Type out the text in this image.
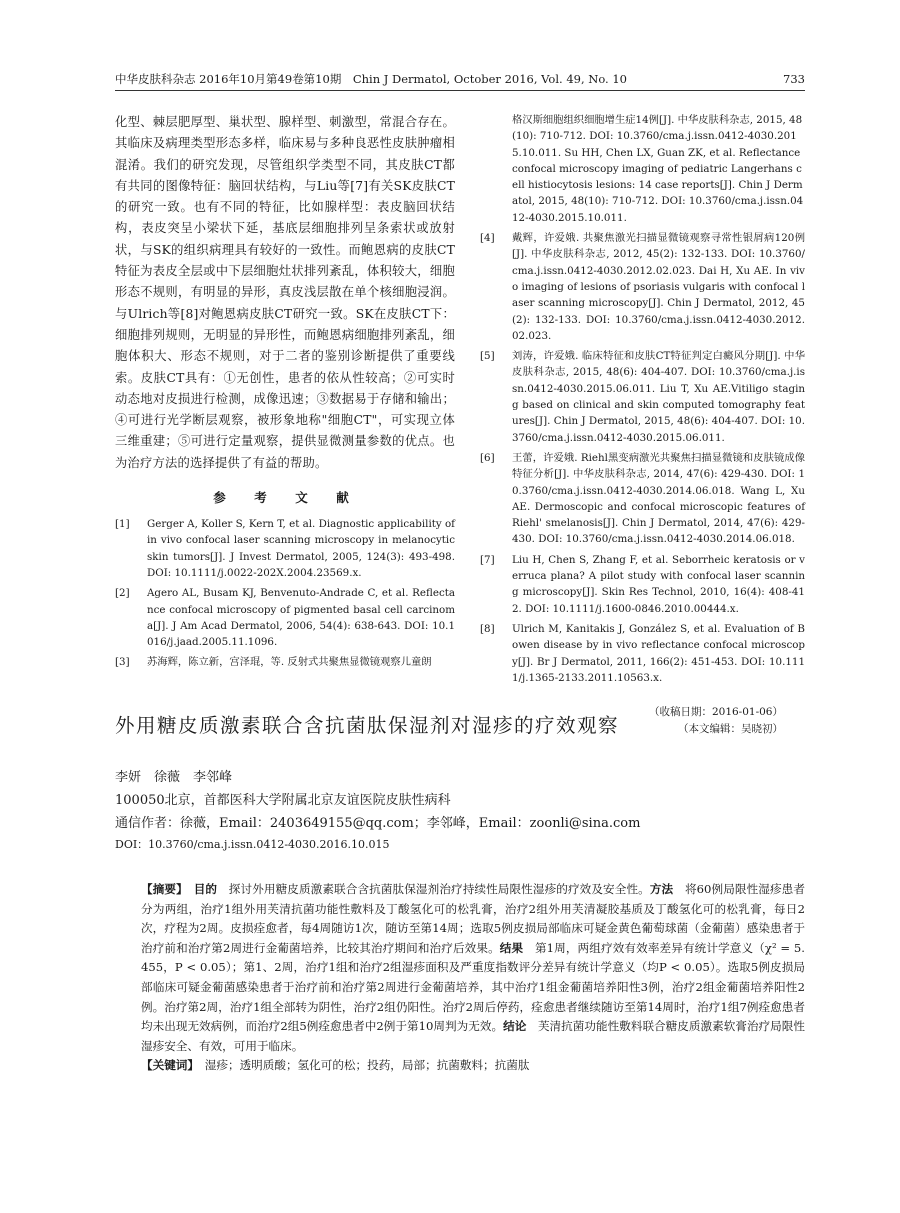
中华皮肤科杂志 2016年10月第49卷第10期　Chin J Dermatol, October 2016, Vol. 49, No. 10	733

化型、棘层肥厚型、巢状型、腺样型、刺激型，常混合存在。其临床及病理类型形态多样，临床易与多种良恶性皮肤肿瘤相混淆。我们的研究发现，尽管组织学类型不同，其皮肤CT都有共同的图像特征：脑回状结构，与Liu等[7]有关SK皮肤CT的研究一致。也有不同的特征，比如腺样型：表皮脑回状结构，表皮突呈小梁状下延，基底层细胞排列呈条索状或放射状，与SK的组织病理具有较好的一致性。而鲍恩病的皮肤CT特征为表皮全层或中下层细胞灶状排列紊乱，体积较大，细胞形态不规则，有明显的异形，真皮浅层散在单个核细胞浸润。与Ulrich等[8]对鲍恩病皮肤CT研究一致。SK在皮肤CT下：细胞排列规则，无明显的异形性，而鲍恩病细胞排列紊乱，细胞体积大、形态不规则，对于二者的鉴别诊断提供了重要线索。皮肤CT具有：①无创性，患者的依从性较高；②可实时动态地对皮损进行检测，成像迅速；③数据易于存储和输出；④可进行光学断层观察，被形象地称"细胞CT"，可实现立体三维重建；⑤可进行定量观察，提供显微测量参数的优点。也为治疗方法的选择提供了有益的帮助。

参　考　文　献
[1] Gerger A, Koller S, Kern T, et al. Diagnostic applicability of in vivo confocal laser scanning microscopy in melanocytic skin tumors[J]. J Invest Dermatol, 2005, 124(3): 493-498. DOI: 10.1111/j.0022-202X.2004.23569.x.
[2] Agero AL, Busam KJ, Benvenuto-Andrade C, et al. Reflectance confocal microscopy of pigmented basal cell carcinoma[J]. J Am Acad Dermatol, 2006, 54(4): 638-643. DOI: 10.1016/j.jaad.2005.11.1096.
[3] 苏海辉，陈立新，宫泽琨，等. 反射式共聚焦显微镜观察儿童朗

格汉斯细胞组织细胞增生症14例[J]. 中华皮肤科杂志, 2015, 48(10): 710-712. DOI: 10.3760/cma.j.issn.0412-4030.2015.10.011. Su HH, Chen LX, Guan ZK, et al. Reflectance confocal microscopy imaging of pediatric Langerhans cell histiocytosis lesions: 14 case reports[J]. Chin J Dermatol, 2015, 48(10): 710-712. DOI: 10.3760/cma.j.issn.0412-4030.2015.10.011.

[4] 戴辉，许爱娥. 共聚焦激光扫描显微镜观察寻常性银屑病120例[J]. 中华皮肤科杂志, 2012, 45(2): 132-133. DOI: 10.3760/cma.j.issn.0412-4030.2012.02.023. Dai H, Xu AE. In vivo imaging of lesions of psoriasis vulgaris with confocal laser scanning microscopy[J]. Chin J Dermatol, 2012, 45(2): 132-133. DOI: 10.3760/cma.j.issn.0412-4030.2012.02.023.
[5] 刘涛，许爱娥. 临床特征和皮肤CT特征判定白癜风分期[J]. 中华皮肤科杂志, 2015, 48(6): 404-407. DOI: 10.3760/cma.j.issn.0412-4030.2015.06.011. Liu T, Xu AE.Vitiligo staging based on clinical and skin computed tomography features[J]. Chin J Dermatol, 2015, 48(6): 404-407. DOI: 10.3760/cma.j.issn.0412-4030.2015.06.011.
[6] 王蕾，许爱娥. Riehl黑变病激光共聚焦扫描显微镜和皮肤镜成像特征分析[J]. 中华皮肤科杂志, 2014, 47(6): 429-430. DOI: 10.3760/cma.j.issn.0412-4030.2014.06.018. Wang L, Xu AE. Dermoscopic and confocal microscopic features of Riehl' smelanosis[J]. Chin J Dermatol, 2014, 47(6): 429-430. DOI: 10.3760/cma.j.issn.0412-4030.2014.06.018.
[7] Liu H, Chen S, Zhang F, et al. Seborrheic keratosis or verruca plana? A pilot study with confocal laser scanning microscopy[J]. Skin Res Technol, 2010, 16(4): 408-412. DOI: 10.1111/j.1600-0846.2010.00444.x.
[8] Ulrich M, Kanitakis J, González S, et al. Evaluation of Bowen disease by in vivo reflectance confocal microscopy[J]. Br J Dermatol, 2011, 166(2): 451-453. DOI: 10.1111/j.1365-2133.2011.10563.x.
（收稿日期：2016-01-06）
（本文编辑：吴晓初）
外用糖皮质激素联合含抗菌肽保湿剂对湿疹的疗效观察

李妍　徐薇　李邻峰

100050北京，首都医科大学附属北京友谊医院皮肤性病科

通信作者：徐薇，Email：2403649155@qq.com；李邻峰，Email：zoonli@sina.com

DOI：10.3760/cma.j.issn.0412-4030.2016.10.015

【摘要】　 目的　 探讨外用糖皮质激素联合含抗菌肽保湿剂治疗持续性局限性湿疹的疗效及安全性。方法　 将60例局限性湿疹患者分为两组，治疗1组外用芙清抗菌功能性敷料及丁酸氢化可的松乳膏，治疗2组外用芙清凝胶基质及丁酸氢化可的松乳膏，每日2次，疗程为2周。皮损痊愈者，每4周随访1次，随访至第14周；选取5例皮损局部临床可疑金黄色葡萄球菌（金葡菌）感染患者于治疗前和治疗第2周进行金葡菌培养，比较其治疗期间和治疗后效果。结果　 第1周，两组疗效有效率差异有统计学意义（χ² = 5.455，P < 0.05）；第1、2周，治疗1组和治疗2组湿疹面积及严重度指数评分差异有统计学意义（均P < 0.05）。选取5例皮损局部临床可疑金葡菌感染患者于治疗前和治疗第2周进行金葡菌培养，其中治疗1组金葡菌培养阳性3例，治疗2组金葡菌培养阳性2例。治疗第2周，治疗1组全部转为阴性，治疗2组仍阳性。治疗2周后停药，痊愈患者继续随访至第14周时，治疗1组7例痊愈患者均未出现无效病例，而治疗2组5例痊愈患者中2例于第10周判为无效。结论　 芙清抗菌功能性敷料联合糖皮质激素软膏治疗局限性湿疹安全、有效，可用于临床。

【关键词】　 湿疹；透明质酸；氢化可的松；投药，局部；抗菌敷料；抗菌肽
